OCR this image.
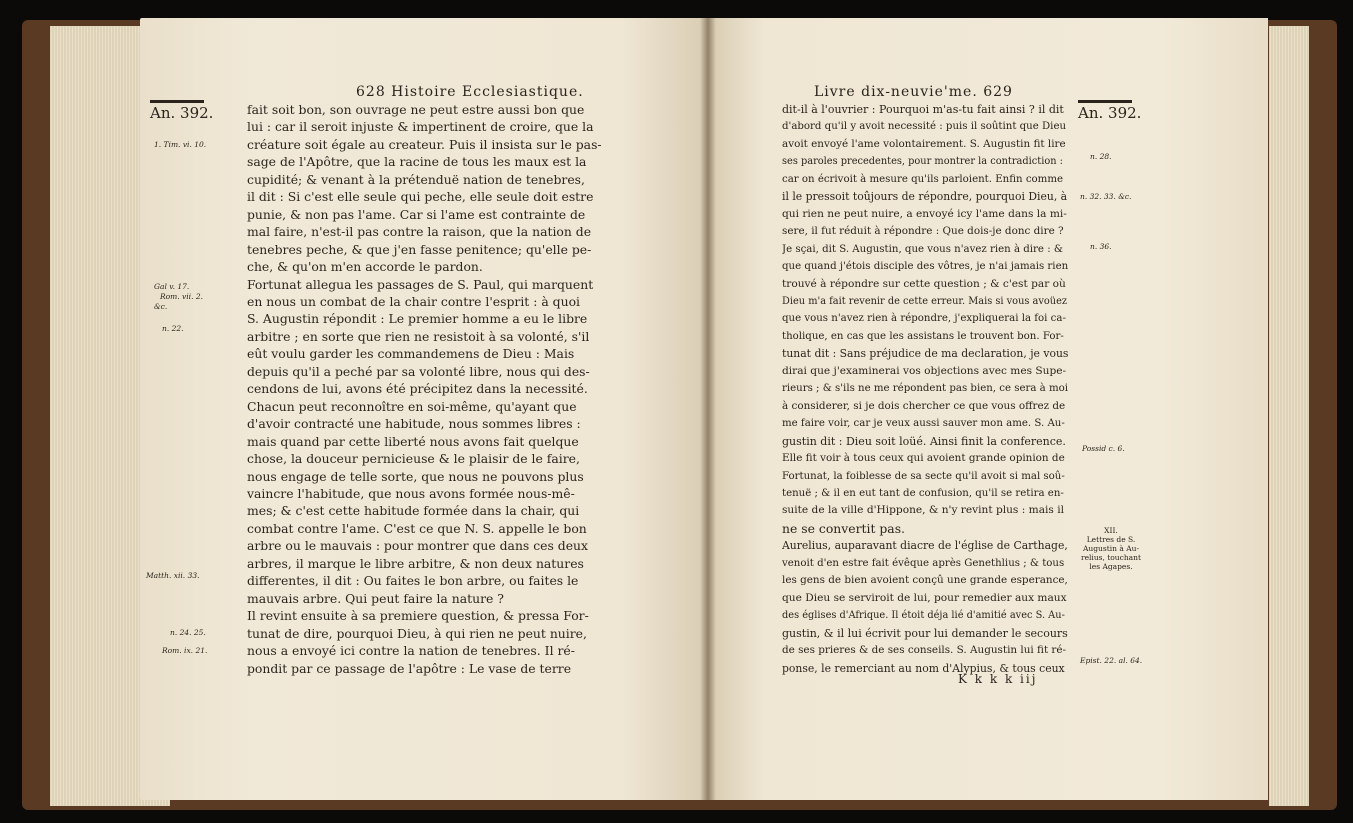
An. 392.
628 Histoire Ecclesiastique.
1. Tim. vi. 10.
Gal v. 17.
Rom. vii. 2.
&c.
n. 22.
Matth. xii. 33.
n. 24. 25.
Rom. ix. 21.
fait soit bon, son ouvrage ne peut estre aussi bon que
lui : car il seroit injuste & impertinent de croire, que la
créature soit égale au createur. Puis il insista sur le pas-
sage de l'Apôtre, que la racine de tous les maux est la
cupidité; & venant à la prétenduë nation de tenebres,
il dit : Si c'est elle seule qui peche, elle seule doit estre
punie, & non pas l'ame. Car si l'ame est contrainte de
mal faire, n'est-il pas contre la raison, que la nation de
tenebres peche, & que j'en fasse penitence; qu'elle pe-
che, & qu'on m'en accorde le pardon.
Fortunat allegua les passages de S. Paul, qui marquent
en nous un combat de la chair contre l'esprit : à quoi
S. Augustin répondit : Le premier homme a eu le libre
arbitre ; en sorte que rien ne resistoit à sa volonté, s'il
eût voulu garder les commandemens de Dieu : Mais
depuis qu'il a peché par sa volonté libre, nous qui des-
cendons de lui, avons été précipitez dans la necessité.
Chacun peut reconnoître en soi-même, qu'ayant que
d'avoir contracté une habitude, nous sommes libres :
mais quand par cette liberté nous avons fait quelque
chose, la douceur pernicieuse & le plaisir de le faire,
nous engage de telle sorte, que nous ne pouvons plus
vaincre l'habitude, que nous avons formée nous-mê-
mes; & c'est cette habitude formée dans la chair, qui
combat contre l'ame. C'est ce que N. S. appelle le bon
arbre ou le mauvais : pour montrer que dans ces deux
arbres, il marque le libre arbitre, & non deux natures
differentes, il dit : Ou faites le bon arbre, ou faites le
mauvais arbre. Qui peut faire la nature ?
Il revint ensuite à sa premiere question, & pressa For-
tunat de dire, pourquoi Dieu, à qui rien ne peut nuire,
nous a envoyé ici contre la nation de tenebres. Il ré-
pondit par ce passage de l'apôtre : Le vase de terre
Livre dix-neuvie'me. 629
An. 392.
n. 28.
n. 32. 33. &c.
n. 36.
Possid c. 6.
Epist. 22. al. 64.
XII.
Lettres de S.
Augustin à Au-
relius, touchant
les Agapes.
dit-il à l'ouvrier : Pourquoi m'as-tu fait ainsi ? il dit
d'abord qu'il y avoit necessité : puis il soûtint que Dieu
avoit envoyé l'ame volontairement. S. Augustin fit lire
ses paroles precedentes, pour montrer la contradiction :
car on écrivoit à mesure qu'ils parloient. Enfin comme
il le pressoit toûjours de répondre, pourquoi Dieu, à
qui rien ne peut nuire, a envoyé icy l'ame dans la mi-
sere, il fut réduit à répondre : Que dois-je donc dire ?
Je sçai, dit S. Augustin, que vous n'avez rien à dire : &
que quand j'étois disciple des vôtres, je n'ai jamais rien
trouvé à répondre sur cette question ; & c'est par où
Dieu m'a fait revenir de cette erreur. Mais si vous avoüez
que vous n'avez rien à répondre, j'expliquerai la foi ca-
tholique, en cas que les assistans le trouvent bon. For-
tunat dit : Sans préjudice de ma declaration, je vous
dirai que j'examinerai vos objections avec mes Supe-
rieurs ; & s'ils ne me répondent pas bien, ce sera à moi
à considerer, si je dois chercher ce que vous offrez de
me faire voir, car je veux aussi sauver mon ame. S. Au-
gustin dit : Dieu soit loüé. Ainsi finit la conference.
Elle fit voir à tous ceux qui avoient grande opinion de
Fortunat, la foiblesse de sa secte qu'il avoit si mal soû-
tenuë ; & il en eut tant de confusion, qu'il se retira en-
suite de la ville d'Hippone, & n'y revint plus : mais il
ne se convertit pas.
Aurelius, auparavant diacre de l'église de Carthage,
venoit d'en estre fait évêque après Genethlius ; & tous
les gens de bien avoient conçû une grande esperance,
que Dieu se serviroit de lui, pour remedier aux maux
des églises d'Afrique. Il étoit déja lié d'amitié avec S. Au-
gustin, & il lui écrivit pour lui demander le secours
de ses prieres & de ses conseils. S. Augustin lui fit ré-
ponse, le remerciant au nom d'Alypius, & tous ceux
K k k k iij
